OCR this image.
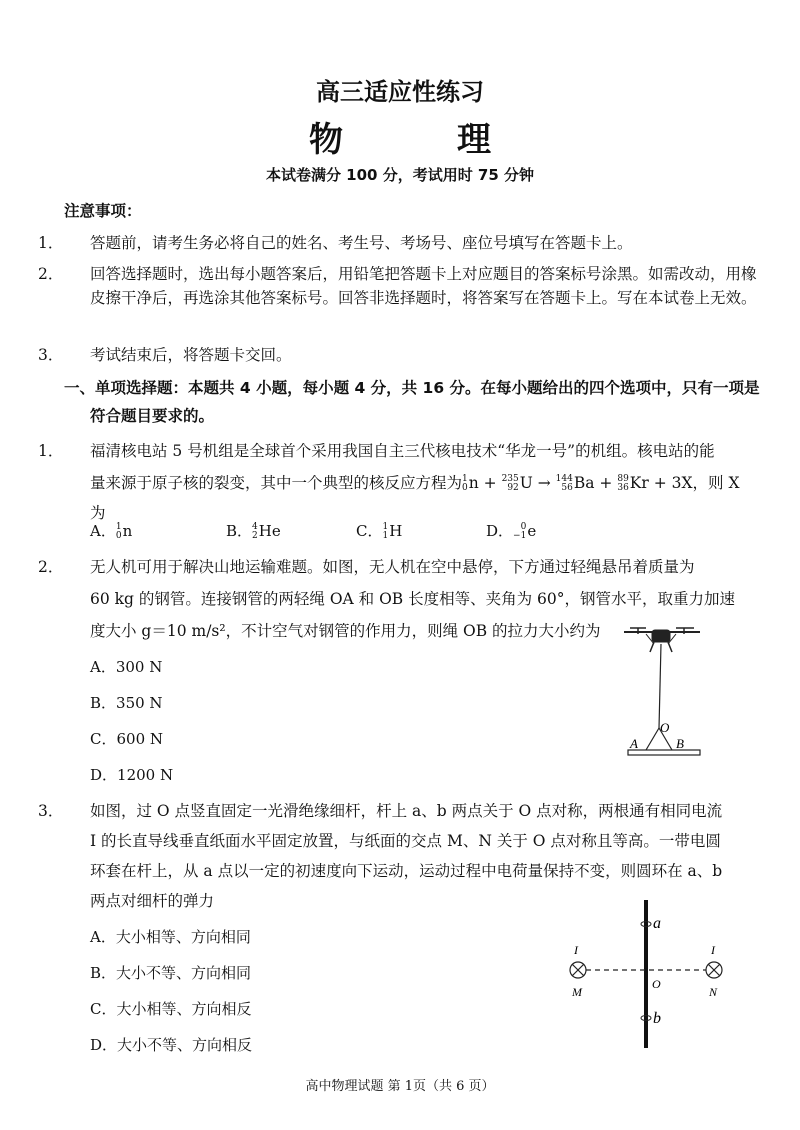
高三适应性练习
物　理
本试卷满分 100 分，考试用时 75 分钟
注意事项：
1． 答题前，请考生务必将自己的姓名、考生号、考场号、座位号填写在答题卡上。
2． 回答选择题时，选出每小题答案后，用铅笔把答题卡上对应题目的答案标号涂黑。如需改动，用橡皮擦干净后，再选涂其他答案标号。回答非选择题时，将答案写在答题卡上。写在本试卷上无效。
3． 考试结束后，将答题卡交回。
一、单项选择题：本题共 4 小题，每小题 4 分，共 16 分。在每小题给出的四个选项中，只有一项是符合题目要求的。
1． 福清核电站 5 号机组是全球首个采用我国自主三代核电技术“华龙一号”的机组。核电站的能
量来源于原子核的裂变，其中一个典型的核反应方程为 1
0 n + 235
92 U → 144
56 Ba + 89
36 Kr + 3X，则 X 为
A． 1
0 n	B． 4
2 He	C． 1
1 H	D． 0
−1 e
2． 无人机可用于解决山地运输难题。如图，无人机在空中悬停，下方通过轻绳悬吊着质量为
60 kg 的钢管。连接钢管的两轻绳 OA 和 OB 长度相等、夹角为 60°，钢管水平，取重力加速
度大小 g＝10 m/s²，不计空气对钢管的作用力，则绳 OB 的拉力大小约为
A．300 N
B．350 N
C．600 N
D．1200 N
O
A	B
3． 如图，过 O 点竖直固定一光滑绝缘细杆，杆上 a、b 两点关于 O 点对称，两根通有相同电流
I 的长直导线垂直纸面水平固定放置，与纸面的交点 M、N 关于 O 点对称且等高。一带电圆
环套在杆上，从 a 点以一定的初速度向下运动，运动过程中电荷量保持不变，则圆环在 a、b
两点对细杆的弹力
A．大小相等、方向相同
B．大小不等、方向相同
C．大小相等、方向相反
D．大小不等、方向相反
a
b
O
M	N
I	I
高中物理试题 第 1页（共 6 页）
